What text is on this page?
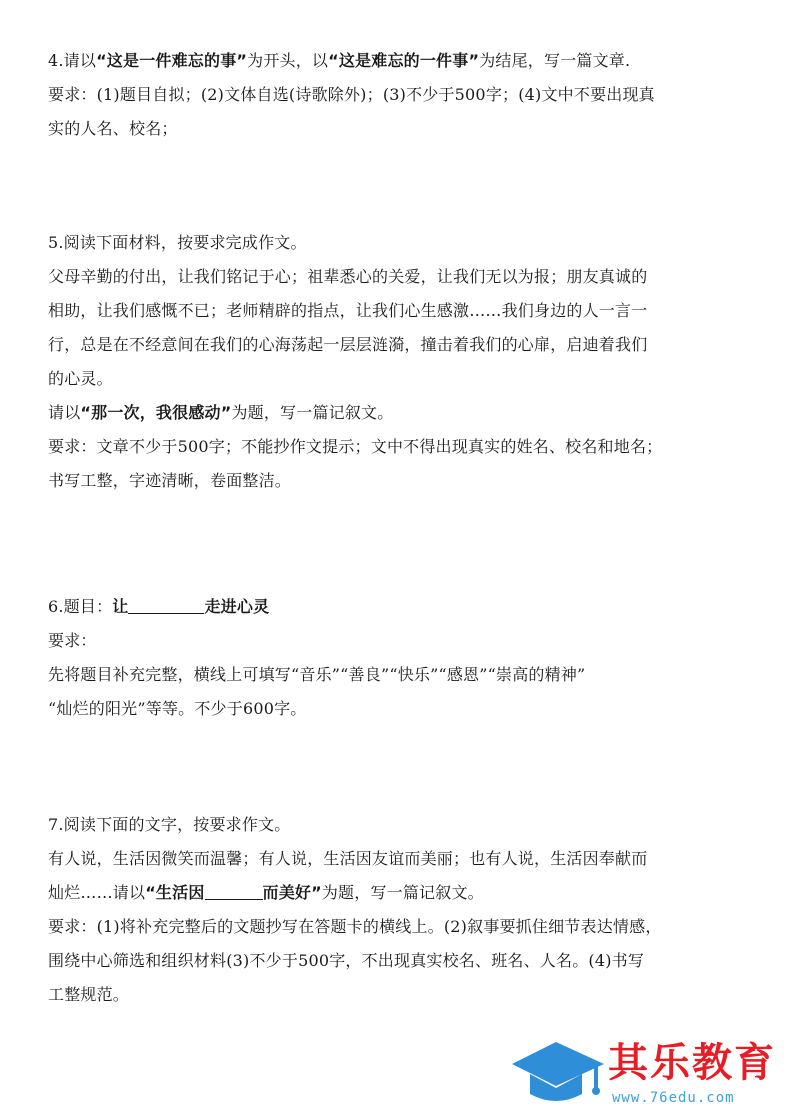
4.请以“这是一件难忘的事”为开头，以“这是难忘的一件事”为结尾，写一篇文章.
要求：(1)题目自拟；(2)文体自选(诗歌除外)；(3)不少于500字；(4)文中不要出现真
实的人名、校名；
5.阅读下面材料，按要求完成作文。
父母辛勤的付出，让我们铭记于心；祖辈悉心的关爱，让我们无以为报；朋友真诚的
相助，让我们感慨不已；老师精辟的指点，让我们心生感激……我们身边的人一言一
行，总是在不经意间在我们的心海荡起一层层涟漪，撞击着我们的心扉，启迪着我们
的心灵。
请以“那一次，我很感动”为题，写一篇记叙文。
要求：文章不少于500字；不能抄作文提示；文中不得出现真实的姓名、校名和地名；
书写工整，字迹清晰，卷面整洁。
6.题目：让	走进心灵
要求：
先将题目补充完整，横线上可填写“音乐”“善良”“快乐”“感恩”“崇高的精神”
“灿烂的阳光”等等。不少于600字。
7.阅读下面的文字，按要求作文。
有人说，生活因微笑而温馨；有人说，生活因友谊而美丽；也有人说，生活因奉献而
灿烂……请以“生活因	而美好”为题，写一篇记叙文。
要求：(1)将补充完整后的文题抄写在答题卡的横线上。(2)叙事要抓住细节表达情感，
围绕中心筛选和组织材料(3)不少于500字，不出现真实校名、班名、人名。(4)书写
工整规范。
其乐教育
www.76edu.com
